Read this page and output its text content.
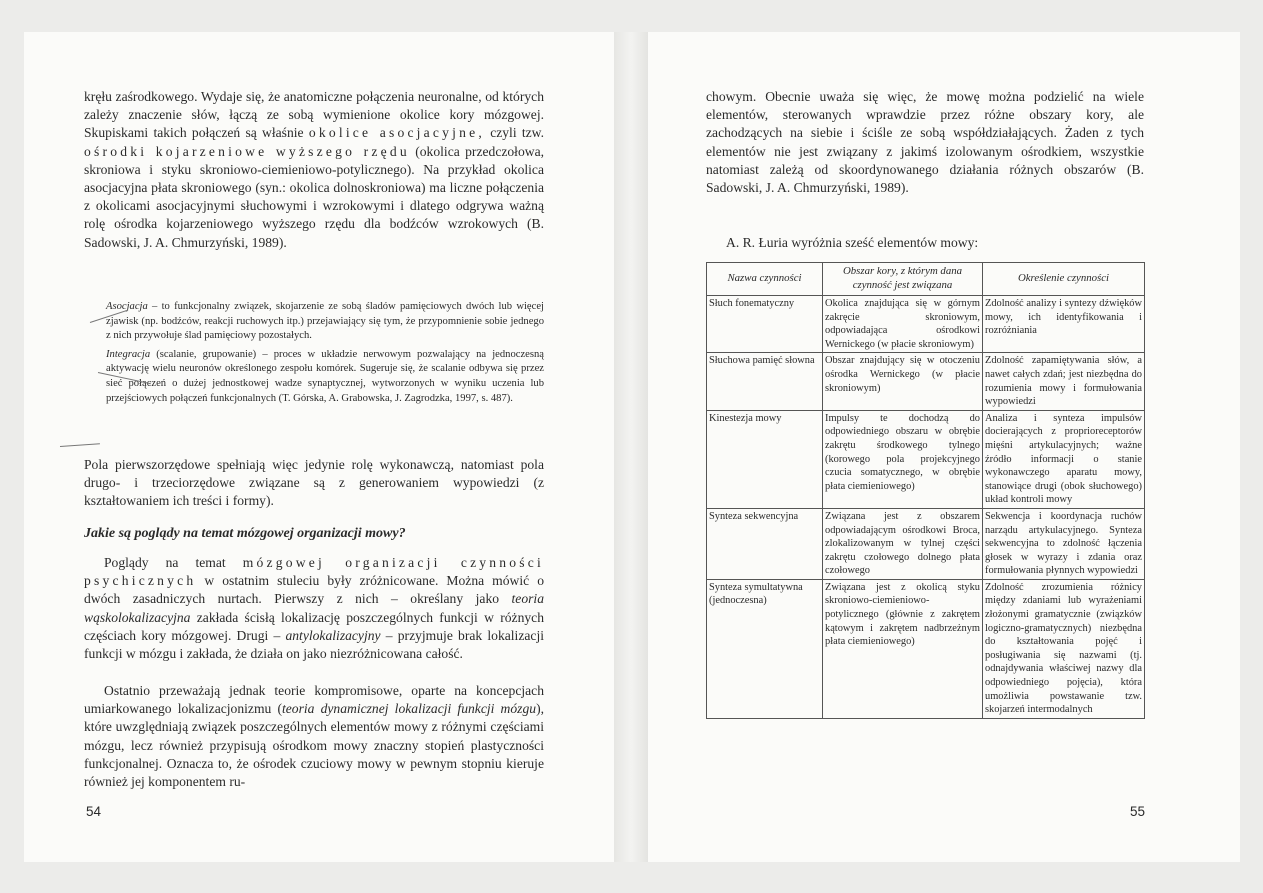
kręłu zaśrodkowego. Wydaje się, że anatomiczne połączenia neuronalne, od których zależy znaczenie słów, łączą ze sobą wymienione okolice kory mózgowej. Skupiskami takich połączeń są właśnie okolice asocjacyjne, czyli tzw. ośrodki kojarzeniowe wyższego rzędu (okolica przedczołowa, skroniowa i styku skroniowo-ciemieniowo-potylicznego). Na przykład okolica asocjacyjna płata skroniowego (syn.: okolica dolnoskroniowa) ma liczne połączenia z okolicami asocjacyjnymi słuchowymi i wzrokowymi i dlatego odgrywa ważną rolę ośrodka kojarzeniowego wyższego rzędu dla bodźców wzrokowych (B. Sadowski, J. A. Chmurzyński, 1989).

Asocjacja – to funkcjonalny związek, skojarzenie ze sobą śladów pamięciowych dwóch lub więcej zjawisk (np. bodźców, reakcji ruchowych itp.) przejawiający się tym, że przypomnienie sobie jednego z nich przywołuje ślad pamięciowy pozostałych.

Integracja (scalanie, grupowanie) – proces w układzie nerwowym pozwalający na jednoczesną aktywację wielu neuronów określonego zespołu komórek. Sugeruje się, że scalanie odbywa się przez sieć połączeń o dużej jednostkowej wadze synaptycznej, wytworzonych w wyniku uczenia lub przejściowych połączeń funkcjonalnych (T. Górska, A. Grabowska, J. Zagrodzka, 1997, s. 487).

Pola pierwszorzędowe spełniają więc jedynie rolę wykonawczą, natomiast pola drugo- i trzeciorzędowe związane są z generowaniem wypowiedzi (z kształtowaniem ich treści i formy).

Jakie są poglądy na temat mózgowej organizacji mowy?

Poglądy na temat mózgowej organizacji czynności psychicznych w ostatnim stuleciu były zróżnicowane. Można mówić o dwóch zasadniczych nurtach. Pierwszy z nich – określany jako teoria wąskolokalizacyjna zakłada ścisłą lokalizację poszczególnych funkcji w różnych częściach kory mózgowej. Drugi – antylokalizacyjny – przyjmuje brak lokalizacji funkcji w mózgu i zakłada, że działa on jako niezróżnicowana całość.

Ostatnio przeważają jednak teorie kompromisowe, oparte na koncepcjach umiarkowanego lokalizacjonizmu (teoria dynamicznej lokalizacji funkcji mózgu), które uwzględniają związek poszczególnych elementów mowy z różnymi częściami mózgu, lecz również przypisują ośrodkom mowy znaczny stopień plastyczności funkcjonalnej. Oznacza to, że ośrodek czuciowy mowy w pewnym stopniu kieruje również jej komponentem ru-

54

chowym. Obecnie uważa się więc, że mowę można podzielić na wiele elementów, sterowanych wprawdzie przez różne obszary kory, ale zachodzących na siebie i ściśle ze sobą współdziałających. Żaden z tych elementów nie jest związany z jakimś izolowanym ośrodkiem, wszystkie natomiast zależą od skoordynowanego działania różnych obszarów (B. Sadowski, J. A. Chmurzyński, 1989).

A. R. Łuria wyróżnia sześć elementów mowy:

Nazwa czynności	Obszar kory, z którym dana czynność jest związana	Określenie czynności
Słuch fonematyczny	Okolica znajdująca się w górnym zakręcie skroniowym, odpowiadająca ośrodkowi Wernickego (w płacie skroniowym)	Zdolność analizy i syntezy dźwięków mowy, ich identyfikowania i rozróżniania
Słuchowa pamięć słowna	Obszar znajdujący się w otoczeniu ośrodka Wernickego (w płacie skroniowym)	Zdolność zapamiętywania słów, a nawet całych zdań; jest niezbędna do rozumienia mowy i formułowania wypowiedzi
Kinestezja mowy	Impulsy te dochodzą do odpowiedniego obszaru w obrębie zakrętu środkowego tylnego (korowego pola projekcyjnego czucia somatycznego, w obrębie płata ciemieniowego)	Analiza i synteza impulsów docierających z proprioreceptorów mięśni artykulacyjnych; ważne źródło informacji o stanie wykonawczego aparatu mowy, stanowiące drugi (obok słuchowego) układ kontroli mowy
Synteza sekwencyjna	Związana jest z obszarem odpowiadającym ośrodkowi Broca, zlokalizowanym w tylnej części zakrętu czołowego dolnego płata czołowego	Sekwencja i koordynacja ruchów narządu artykulacyjnego. Synteza sekwencyjna to zdolność łączenia głosek w wyrazy i zdania oraz formułowania płynnych wypowiedzi
Synteza symultatywna (jednoczesna)	Związana jest z okolicą styku skroniowo-ciemieniowo-potylicznego (głównie z zakrętem kątowym i zakrętem nadbrzeżnym płata ciemieniowego)	Zdolność zrozumienia różnicy między zdaniami lub wyrażeniami złożonymi gramatycznie (związków logiczno-gramatycznych) niezbędna do kształtowania pojęć i posługiwania się nazwami (tj. odnajdywania właściwej nazwy dla odpowiedniego pojęcia), która umożliwia powstawanie tzw. skojarzeń intermodalnych
55
